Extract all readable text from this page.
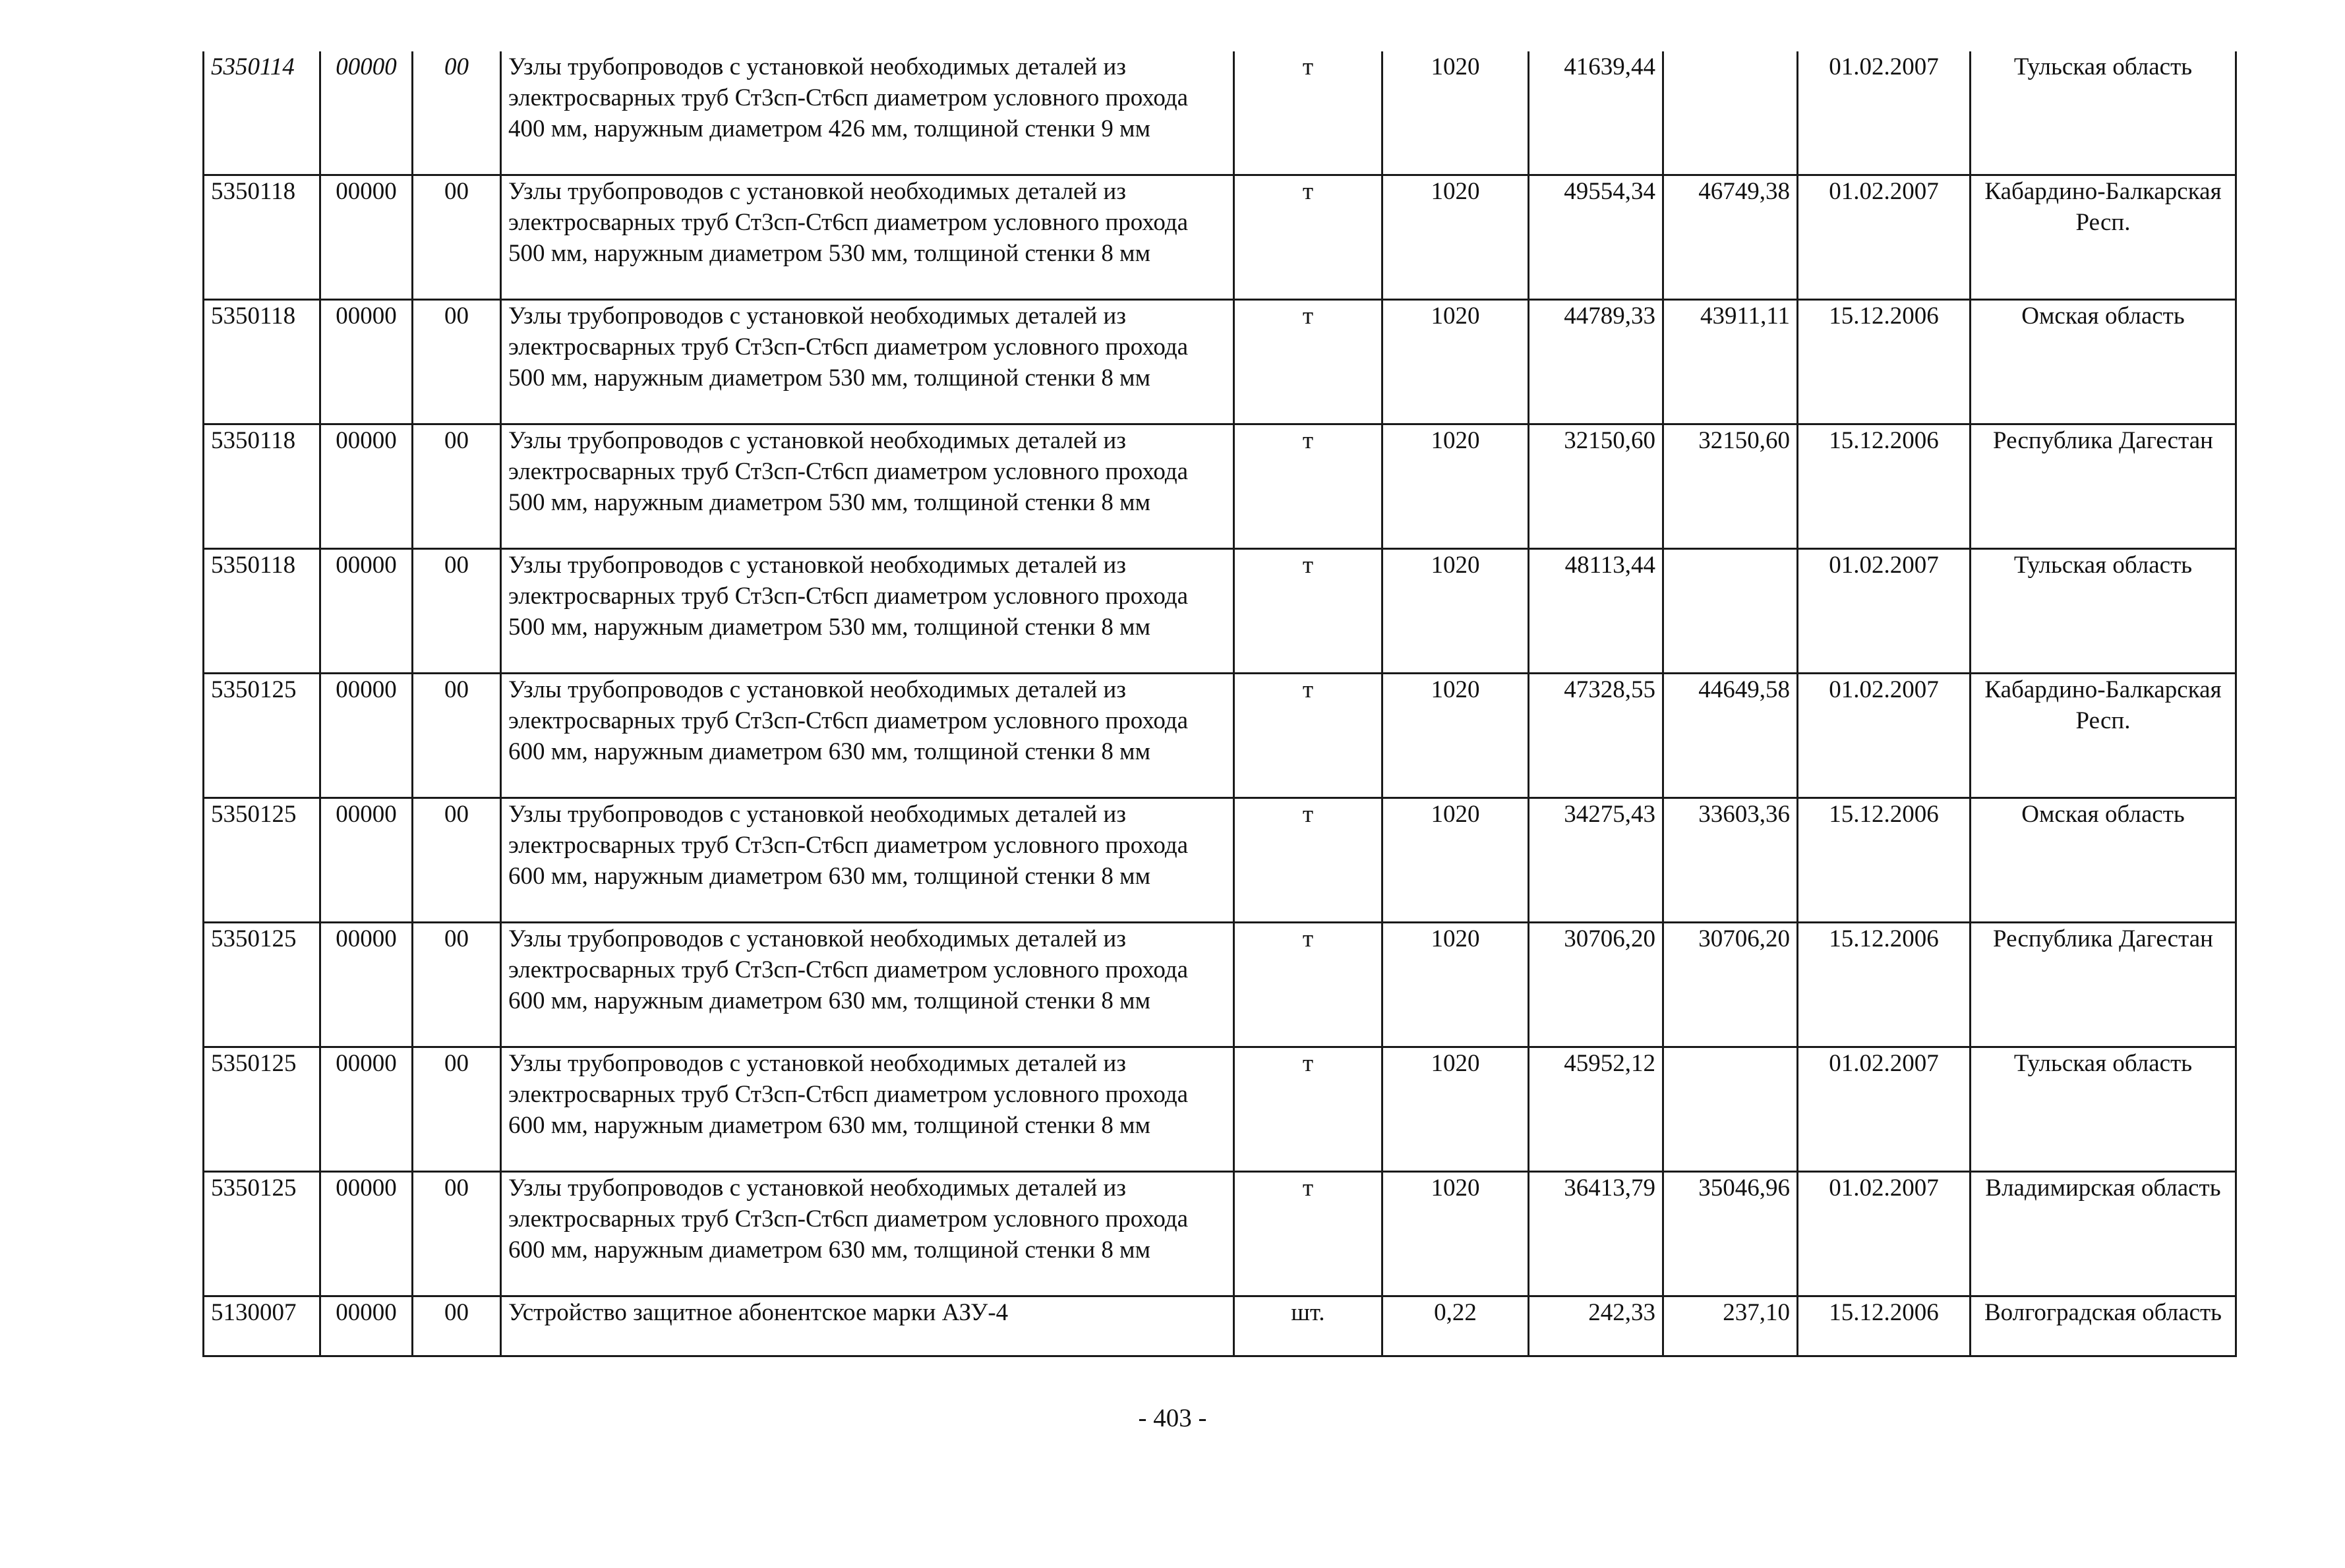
5350114	00000	00	Узлы трубопроводов с установкой необходимых деталей из электросварных труб Ст3сп-Ст6сп диаметром условного прохода 400 мм, наружным диаметром 426 мм, толщиной стенки 9 мм	т	1020	41639,44		01.02.2007	Тульская область
5350118	00000	00	Узлы трубопроводов с установкой необходимых деталей из электросварных труб Ст3сп-Ст6сп диаметром условного прохода 500 мм, наружным диаметром 530 мм, толщиной стенки 8 мм	т	1020	49554,34	46749,38	01.02.2007	Кабардино-Балкарская Респ.
5350118	00000	00	Узлы трубопроводов с установкой необходимых деталей из электросварных труб Ст3сп-Ст6сп диаметром условного прохода 500 мм, наружным диаметром 530 мм, толщиной стенки 8 мм	т	1020	44789,33	43911,11	15.12.2006	Омская область
5350118	00000	00	Узлы трубопроводов с установкой необходимых деталей из электросварных труб Ст3сп-Ст6сп диаметром условного прохода 500 мм, наружным диаметром 530 мм, толщиной стенки 8 мм	т	1020	32150,60	32150,60	15.12.2006	Республика Дагестан
5350118	00000	00	Узлы трубопроводов с установкой необходимых деталей из электросварных труб Ст3сп-Ст6сп диаметром условного прохода 500 мм, наружным диаметром 530 мм, толщиной стенки 8 мм	т	1020	48113,44		01.02.2007	Тульская область
5350125	00000	00	Узлы трубопроводов с установкой необходимых деталей из электросварных труб Ст3сп-Ст6сп диаметром условного прохода 600 мм, наружным диаметром 630 мм, толщиной стенки 8 мм	т	1020	47328,55	44649,58	01.02.2007	Кабардино-Балкарская Респ.
5350125	00000	00	Узлы трубопроводов с установкой необходимых деталей из электросварных труб Ст3сп-Ст6сп диаметром условного прохода 600 мм, наружным диаметром 630 мм, толщиной стенки 8 мм	т	1020	34275,43	33603,36	15.12.2006	Омская область
5350125	00000	00	Узлы трубопроводов с установкой необходимых деталей из электросварных труб Ст3сп-Ст6сп диаметром условного прохода 600 мм, наружным диаметром 630 мм, толщиной стенки 8 мм	т	1020	30706,20	30706,20	15.12.2006	Республика Дагестан
5350125	00000	00	Узлы трубопроводов с установкой необходимых деталей из электросварных труб Ст3сп-Ст6сп диаметром условного прохода 600 мм, наружным диаметром 630 мм, толщиной стенки 8 мм	т	1020	45952,12		01.02.2007	Тульская область
5350125	00000	00	Узлы трубопроводов с установкой необходимых деталей из электросварных труб Ст3сп-Ст6сп диаметром условного прохода 600 мм, наружным диаметром 630 мм, толщиной стенки 8 мм	т	1020	36413,79	35046,96	01.02.2007	Владимирская область
5130007	00000	00	Устройство защитное абонентское марки АЗУ-4	шт.	0,22	242,33	237,10	15.12.2006	Волгоградская область
- 403 -
